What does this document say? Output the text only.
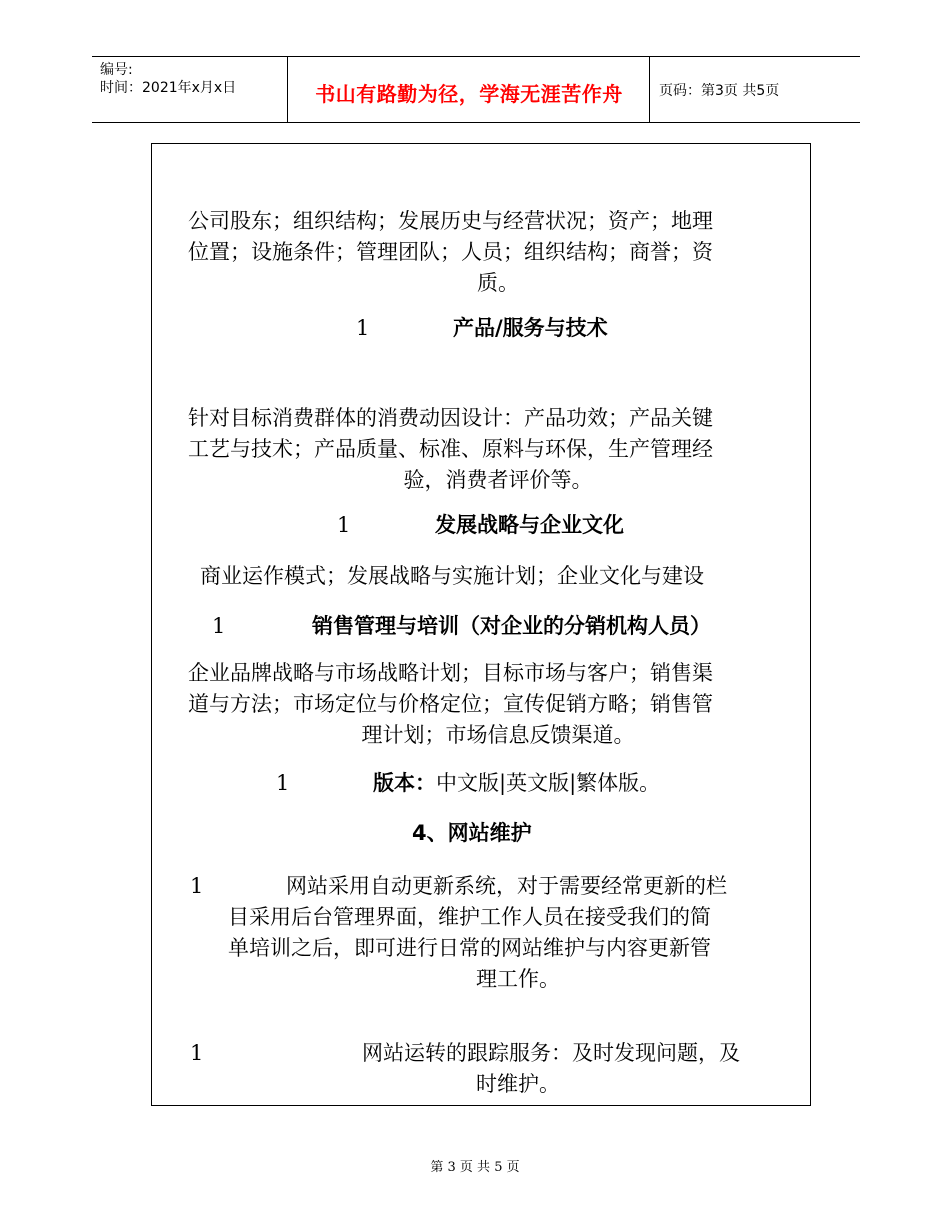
编号:
时间：2021年x月x日	书山有路勤为径，学海无涯苦作舟	页码：第3页 共5页
公司股东；组织结构；发展历史与经营状况；资产；地理
位置；设施条件；管理团队；人员；组织结构；商誉；资
质。
1	产品/服务与技术
针对目标消费群体的消费动因设计：产品功效；产品关键
工艺与技术；产品质量、标准、原料与环保，生产管理经
验，消费者评价等。
1	发展战略与企业文化
商业运作模式；发展战略与实施计划；企业文化与建设
1	销售管理与培训（对企业的分销机构人员）
企业品牌战略与市场战略计划；目标市场与客户；销售渠
道与方法；市场定位与价格定位；宣传促销方略；销售管
理计划；市场信息反馈渠道。
1	版本：中文版|英文版|繁体版。
4、网站维护
1	网站采用自动更新系统，对于需要经常更新的栏
目采用后台管理界面，维护工作人员在接受我们的简
单培训之后，即可进行日常的网站维护与内容更新管
理工作。
1	网站运转的跟踪服务：及时发现问题，及
时维护。
第 3 页 共 5 页
